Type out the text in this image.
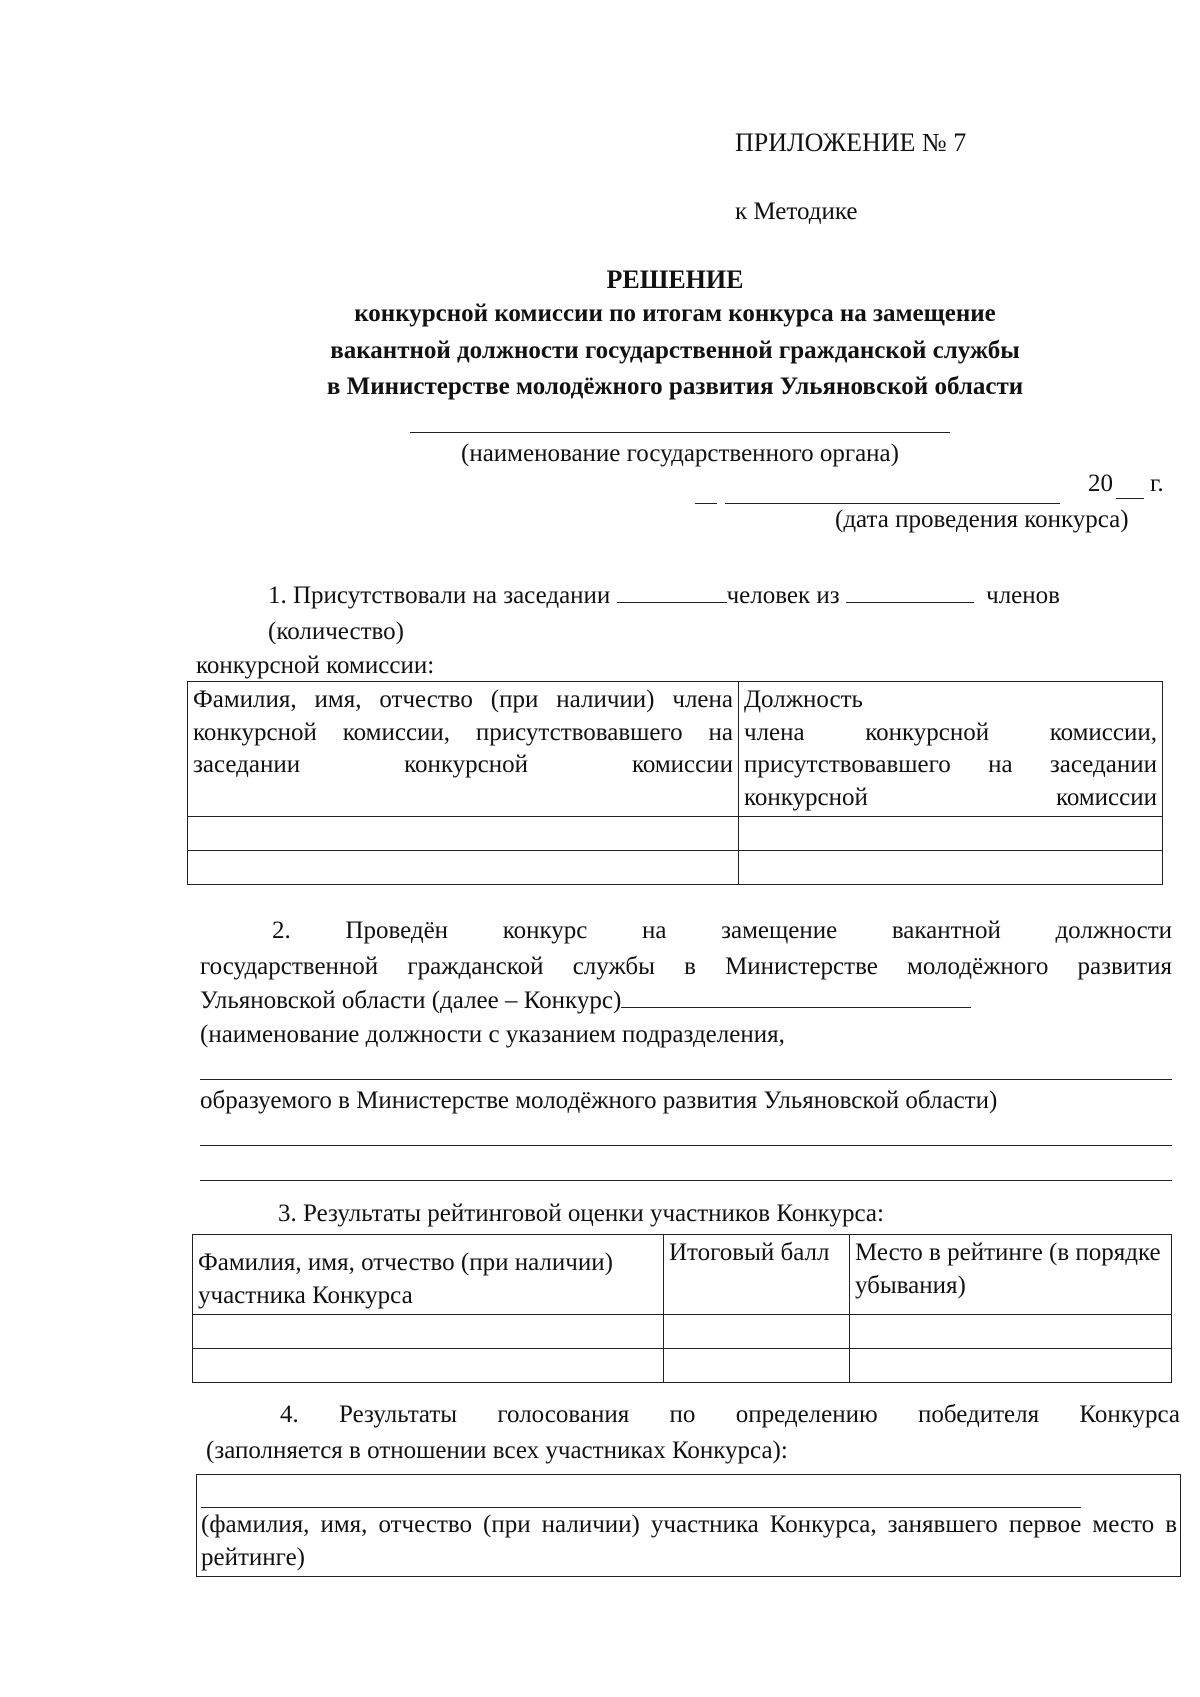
ПРИЛОЖЕНИЕ № 7
к Методике
РЕШЕНИЕ
конкурсной комиссии по итогам конкурса на замещение
вакантной должности государственной гражданской службы
в Министерстве молодёжного развития Ульяновской области
(наименование государственного органа)
20 г.
(дата проведения конкурса)
1. Присутствовали на заседании	человек из	членов
(количество)
конкурсной комиссии:
Фамилия, имя, отчество (при наличии) члена конкурсной комиссии, присутствовавшего на заседании конкурсной комиссии	Должность
члена конкурсной комиссии, присутствовавшего на заседании конкурсной комиссии

2. Проведён конкурс на замещение вакантной должности
государственной гражданской службы в Министерстве молодёжного развития
Ульяновской области (далее – Конкурс)
(наименование должности с указанием подразделения,
образуемого в Министерстве молодёжного развития Ульяновской области)
3. Результаты рейтинговой оценки участников Конкурса:
Фамилия, имя, отчество (при наличии) участника Конкурса	Итоговый балл	Место в рейтинге (в порядке убывания)

4. Результаты голосования по определению победителя Конкурса
(заполняется в отношении всех участниках Конкурса):
(фамилия, имя, отчество (при наличии) участника Конкурса, занявшего первое место в рейтинге)
